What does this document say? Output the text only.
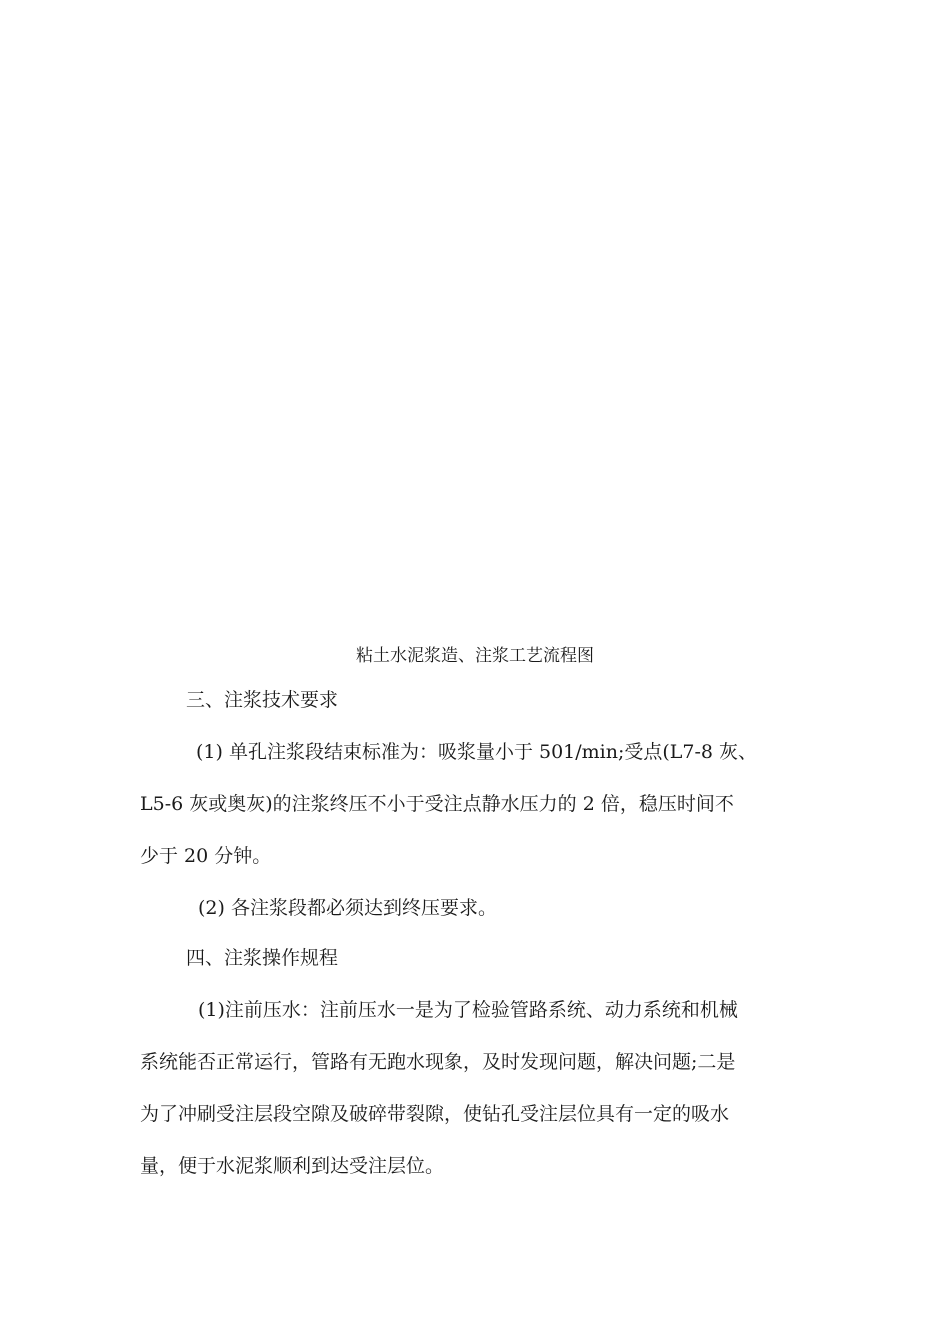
粘土水泥浆造、注浆工艺流程图
三、注浆技术要求
(1) 单孔注浆段结束标准为：吸浆量小于 501/min;受点(L7-8 灰、
L5-6 灰或奥灰)的注浆终压不小于受注点静水压力的 2 倍，稳压时间不
少于 20 分钟。
(2) 各注浆段都必须达到终压要求。
四、注浆操作规程
(1)注前压水：注前压水一是为了检验管路系统、动力系统和机械
系统能否正常运行，管路有无跑水现象，及时发现问题，解决问题;二是
为了冲刷受注层段空隙及破碎带裂隙，使钻孔受注层位具有一定的吸水
量，便于水泥浆顺利到达受注层位。
